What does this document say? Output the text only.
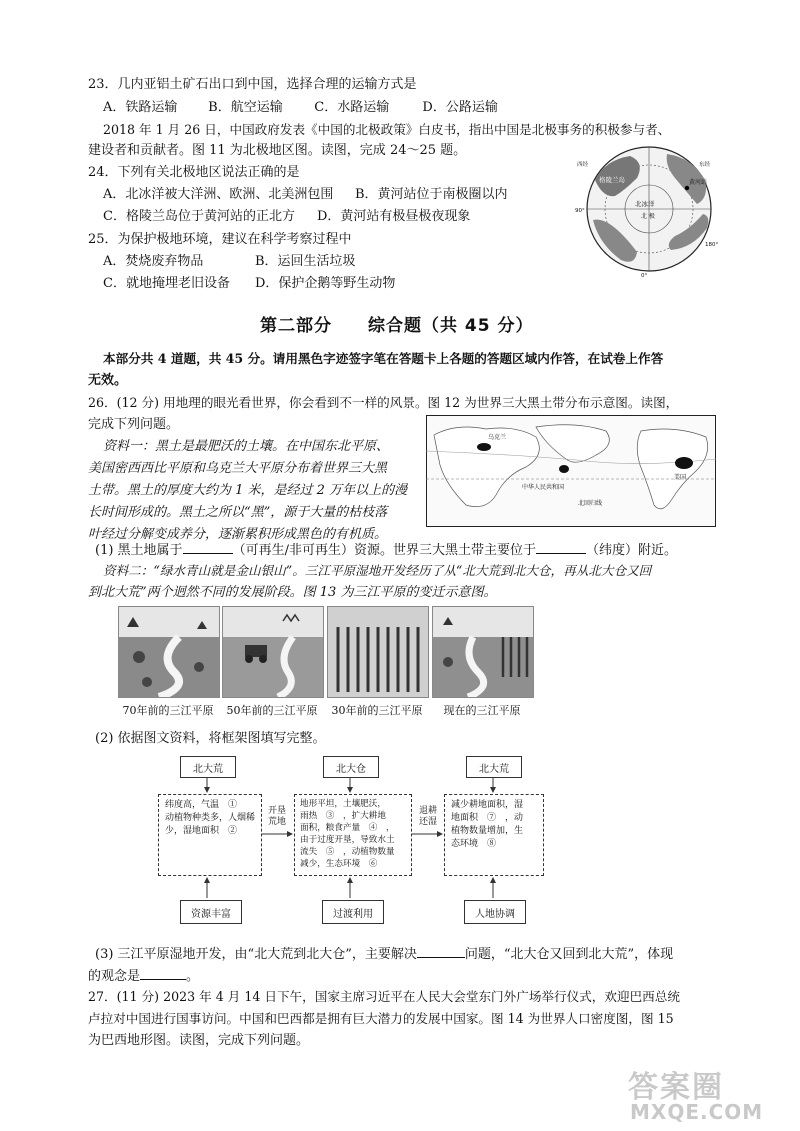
23．几内亚铝土矿石出口到中国，选择合理的运输方式是
A．铁路运输 B．航空运输 C．水路运输	D．公路运输
2018 年 1 月 26 日，中国政府发表《中国的北极政策》白皮书，指出中国是北极事务的积极参与者、
建设者和贡献者。图 11 为北极地区图。读图，完成 24～25 题。
24．下列有关北极地区说法正确的是
A．北冰洋被大洋洲、欧洲、北美洲包围 B．黄河站位于南极圈以内
C．格陵兰岛位于黄河站的正北方 D．黄河站有极昼极夜现象
25．为保护极地环境，建议在科学考察过程中
A．焚烧废弃物品	B．运回生活垃圾
C．就地掩埋老旧设备 D．保护企鹅等野生动物
格陵兰岛
北冰洋
北 极
黄河站
西经	东经
90°
180°
0°
第二部分　　综合题（共 45 分）
本部分共 4 道题，共 45 分。请用黑色字迹签字笔在答题卡上各题的答题区域内作答，在试卷上作答
无效。
26．(12 分) 用地理的眼光看世界，你会看到不一样的风景。图 12 为世界三大黑土带分布示意图。读图，
完成下列问题。
资料一：黑土是最肥沃的土壤。在中国东北平原、
美国密西西比平原和乌克兰大平原分布着世界三大黑
土带。黑土的厚度大约为 1 米，是经过 2 万年以上的漫
长时间形成的。黑土之所以“黑”，源于大量的枯枝落
叶经过分解变成养分，逐渐累积形成黑色的有机质。
乌克兰
中华人民共和国
美国
北回归线
(1) 黑土地属于	（可再生/非可再生）资源。世界三大黑土带主要位于	（纬度）附近。
资料二：“绿水青山就是金山银山”。三江平原湿地开发经历了从“北大荒到北大仓，再从北大仓又回
到北大荒”两个迥然不同的发展阶段。图 13 为三江平原的变迁示意图。
70年前的三江平原	50年前的三江平原	30年前的三江平原	现在的三江平原
(2) 依据图文资料，将框架图填写完整。
北大荒	北大仓	北大荒
纬度高，气温　①
动植物种类多，人烟稀
少，湿地面积　②
地形平坦，土壤肥沃，
雨热　③　，扩大耕地
面积，粮食产量　④　，
由于过度开垦，导致水土
流失　⑤　，动植物数量
减少，生态环境　⑥
减少耕地面积，湿
地面积　⑦　，动
植物数量增加，生
态环境　⑧
开垦
荒地
退耕
还湿
资源丰富	过渡利用	人地协调
(3) 三江平原湿地开发，由“北大荒到北大仓”，主要解决	问题，“北大仓又回到北大荒”，体现
的观念是	。
27．(11 分) 2023 年 4 月 14 日下午，国家主席习近平在人民大会堂东门外广场举行仪式，欢迎巴西总统
卢拉对中国进行国事访问。中国和巴西都是拥有巨大潜力的发展中国家。图 14 为世界人口密度图，图 15
为巴西地形图。读图，完成下列问题。
答案圈
MXQE.COM
